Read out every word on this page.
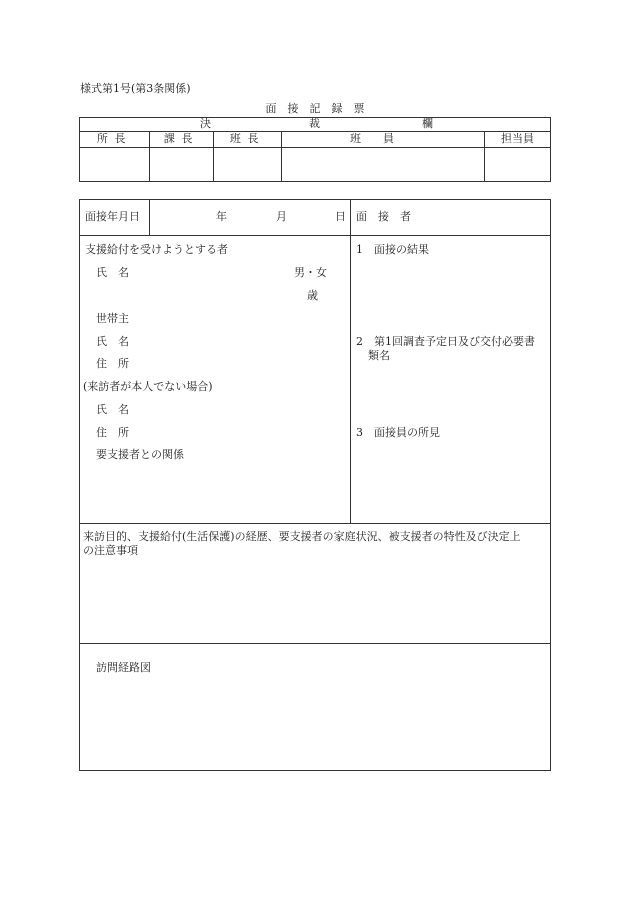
様式第1号(第3条関係)
面　接　記　録　票
決	裁	欄
所長	課長	班長	班員	担当員
面接年月日	年	月	日 面　接　者
支援給付を受けようとする者
氏　名	男・女
歳
世帯主
氏　名
住　所
(来訪者が本人でない場合)
氏　名
住　所
要支援者との関係
1　面接の結果
2　第1回調査予定日及び交付必要書
類名
3　面接員の所見
来訪目的、支援給付(生活保護)の経歴、要支援者の家庭状況、被支援者の特性及び決定上
の注意事項
訪問経路図
